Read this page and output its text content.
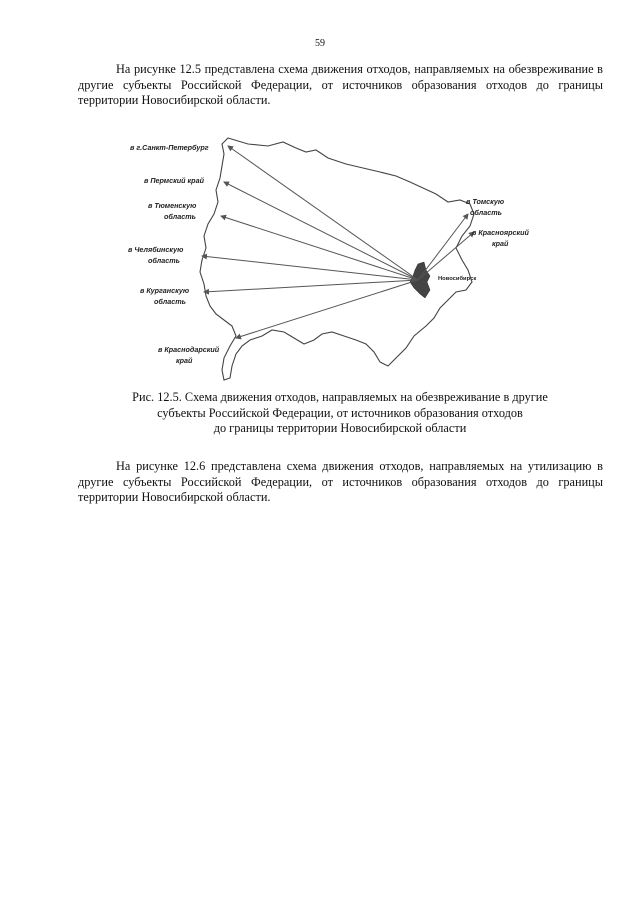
59

На рисунке 12.5 представлена схема движения отходов, направляемых на обезвреживание в другие субъекты Российской Федерации, от источников образования отходов до границы территории Новосибирской области.

Новосибирск
в г.Санкт-Петербург
в Пермский край
в Тюменскую область
в Челябинскую область
в Курганскую область
в Краснодарский край
в Томскую область
в Красноярский край
Рис. 12.5. Схема движения отходов, направляемых на обезвреживание в другие
субъекты Российской Федерации, от источников образования отходов
до границы территории Новосибирской области

На рисунке 12.6 представлена схема движения отходов, направляемых на утилизацию в другие субъекты Российской Федерации, от источников образования отходов до границы территории Новосибирской области.
